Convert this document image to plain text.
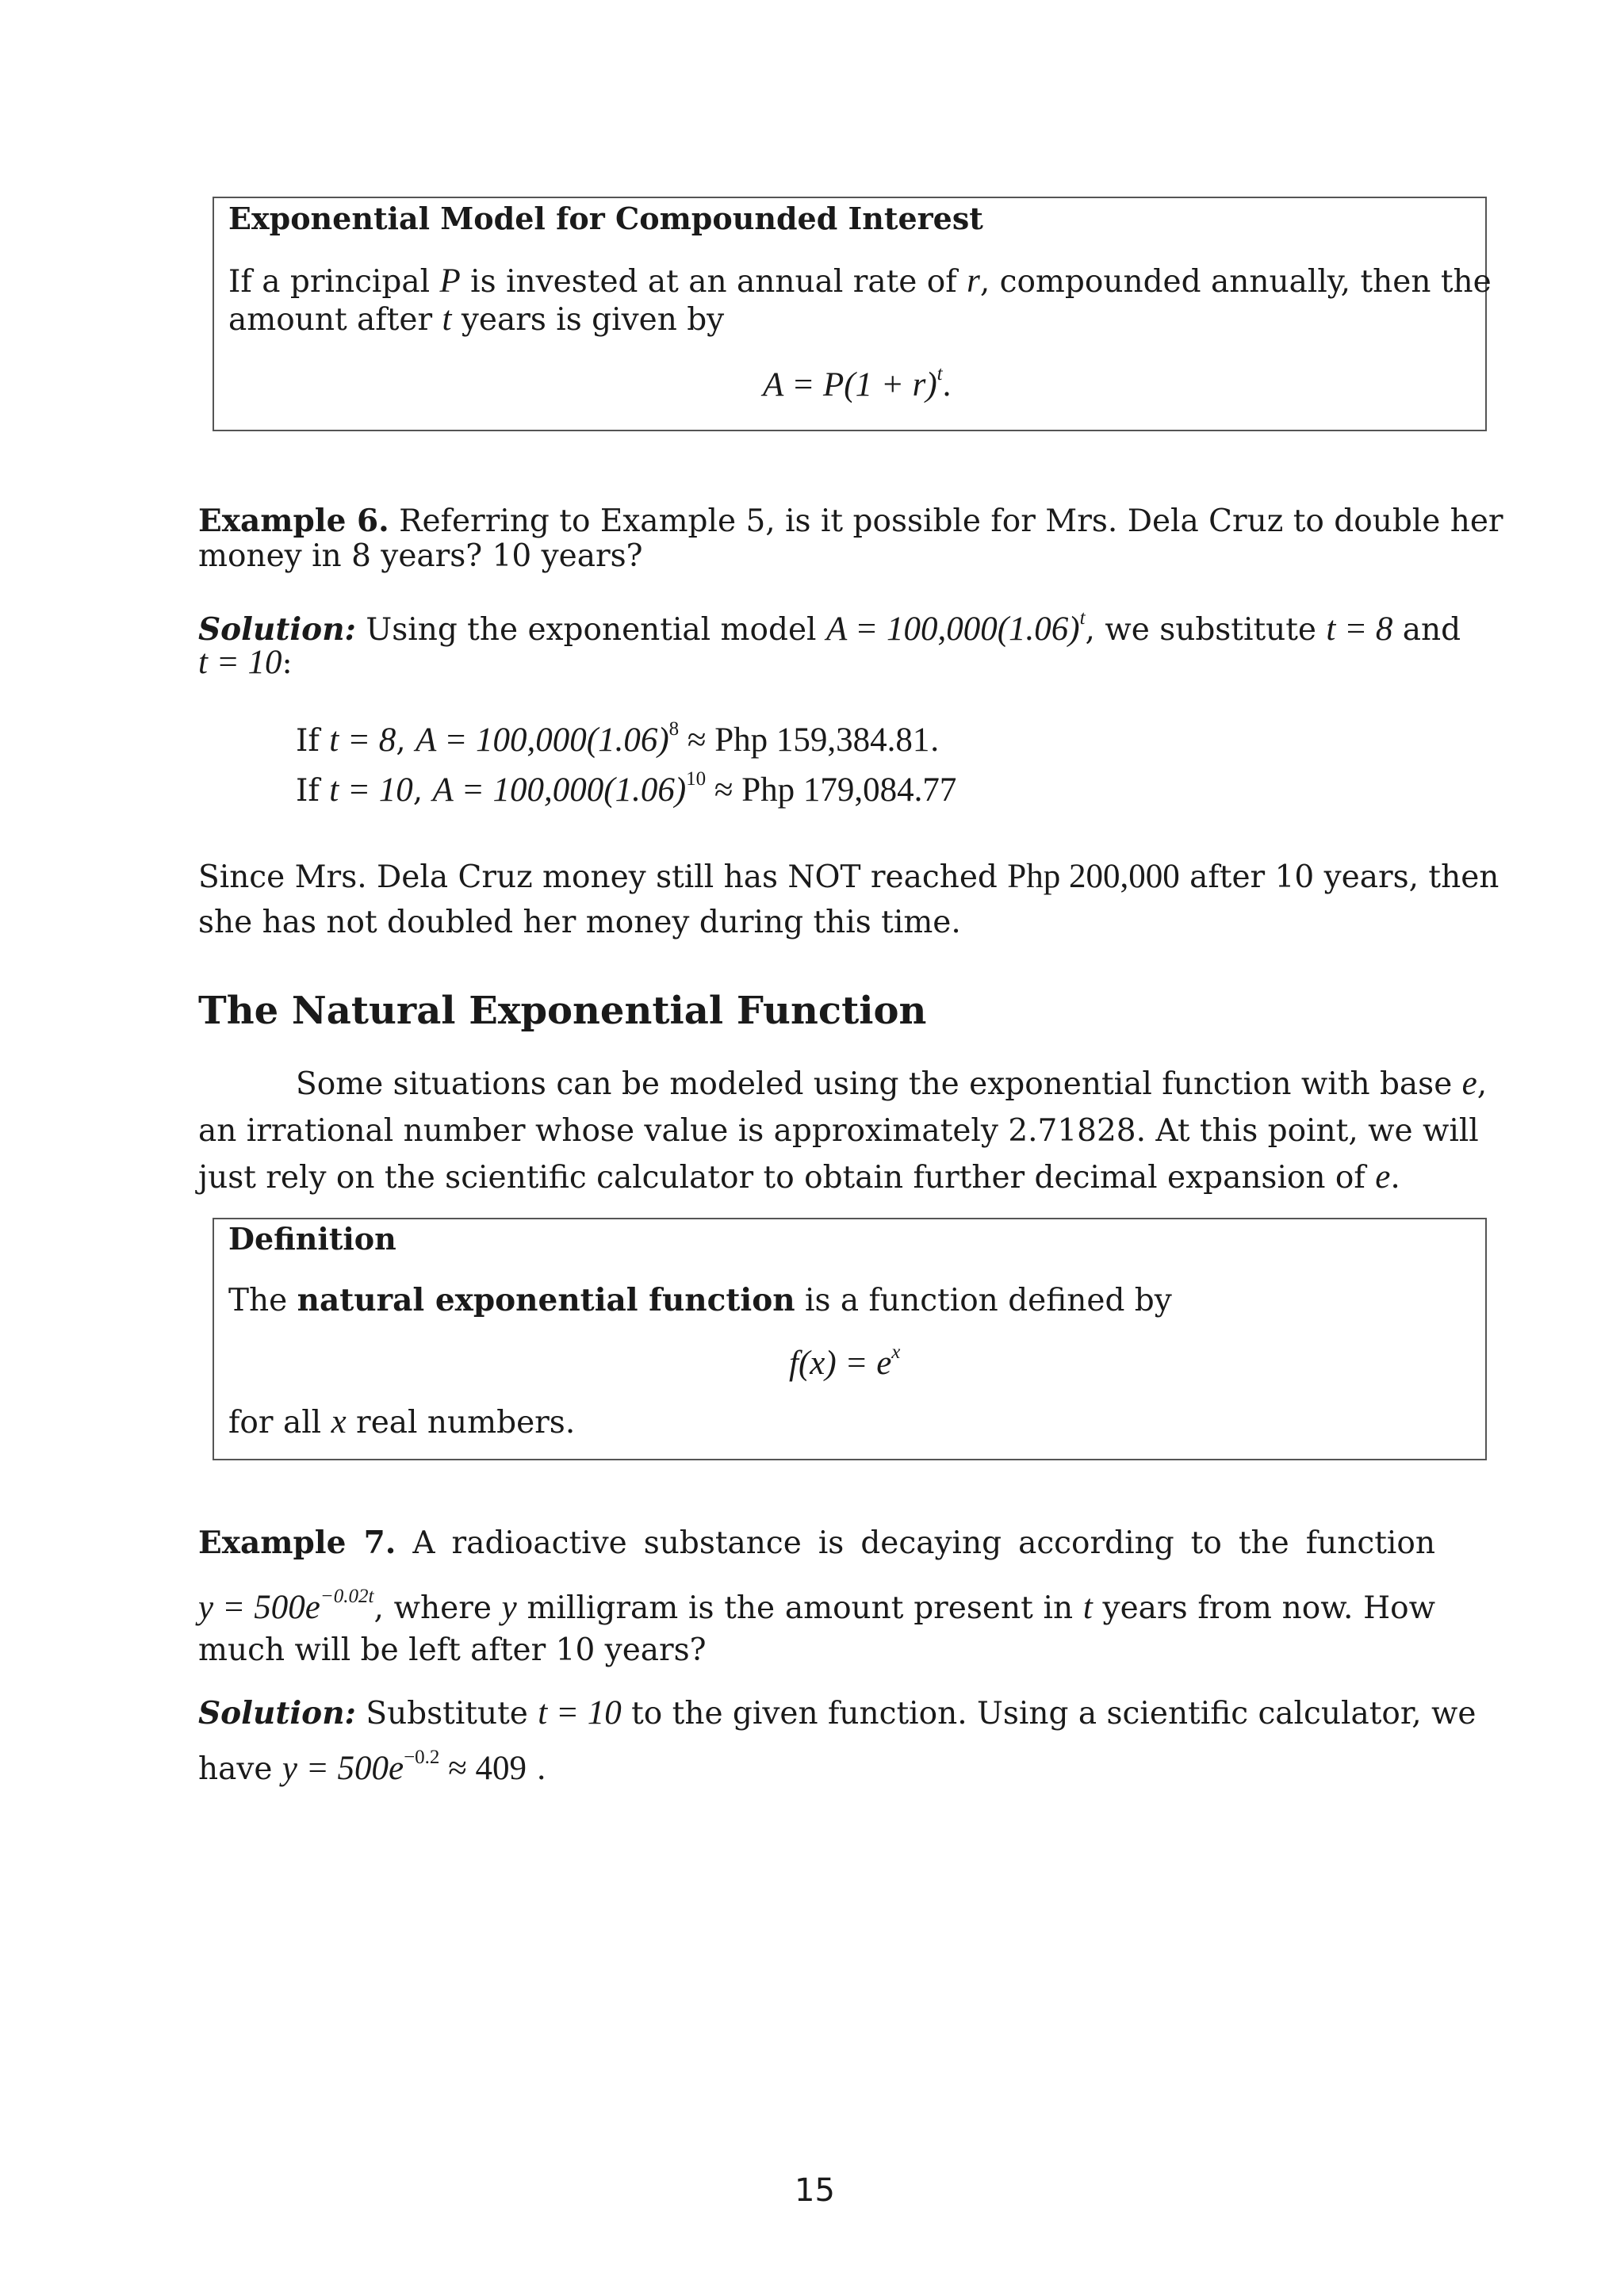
Exponential Model for Compounded Interest
If a principal P is invested at an annual rate of r, compounded annually, then the
amount after t years is given by
$A = P(1 + r)^t$.
Example 6. Referring to Example 5, is it possible for Mrs. Dela Cruz to double her
money in 8 years? 10 years?
Solution: Using the exponential model $A = 100,000(1.06)^t$, we substitute t = 8 and
t = 10:
If t = 8, $A = 100,000(1.06)^8$ ≈ Php 159,384.81.
If t = 10, $A = 100,000(1.06)^{10}$ ≈ Php 179,084.77
Since Mrs. Dela Cruz money still has NOT reached Php 200,000 after 10 years, then
she has not doubled her money during this time.
The Natural Exponential Function
Some situations can be modeled using the exponential function with base e,
an irrational number whose value is approximately 2.71828. At this point, we will
just rely on the scientific calculator to obtain further decimal expansion of e.
Definition
The natural exponential function is a function defined by
$f(x) = e^x$
for all x real numbers.
Example 7. A radioactive substance is decaying according to the function
$y = 500e^{-0.02t}$, where y milligram is the amount present in t years from now. How
much will be left after 10 years?
Solution: Substitute t = 10 to the given function. Using a scientific calculator, we
have $y = 500e^{-0.2} \approx 409$ .
15
